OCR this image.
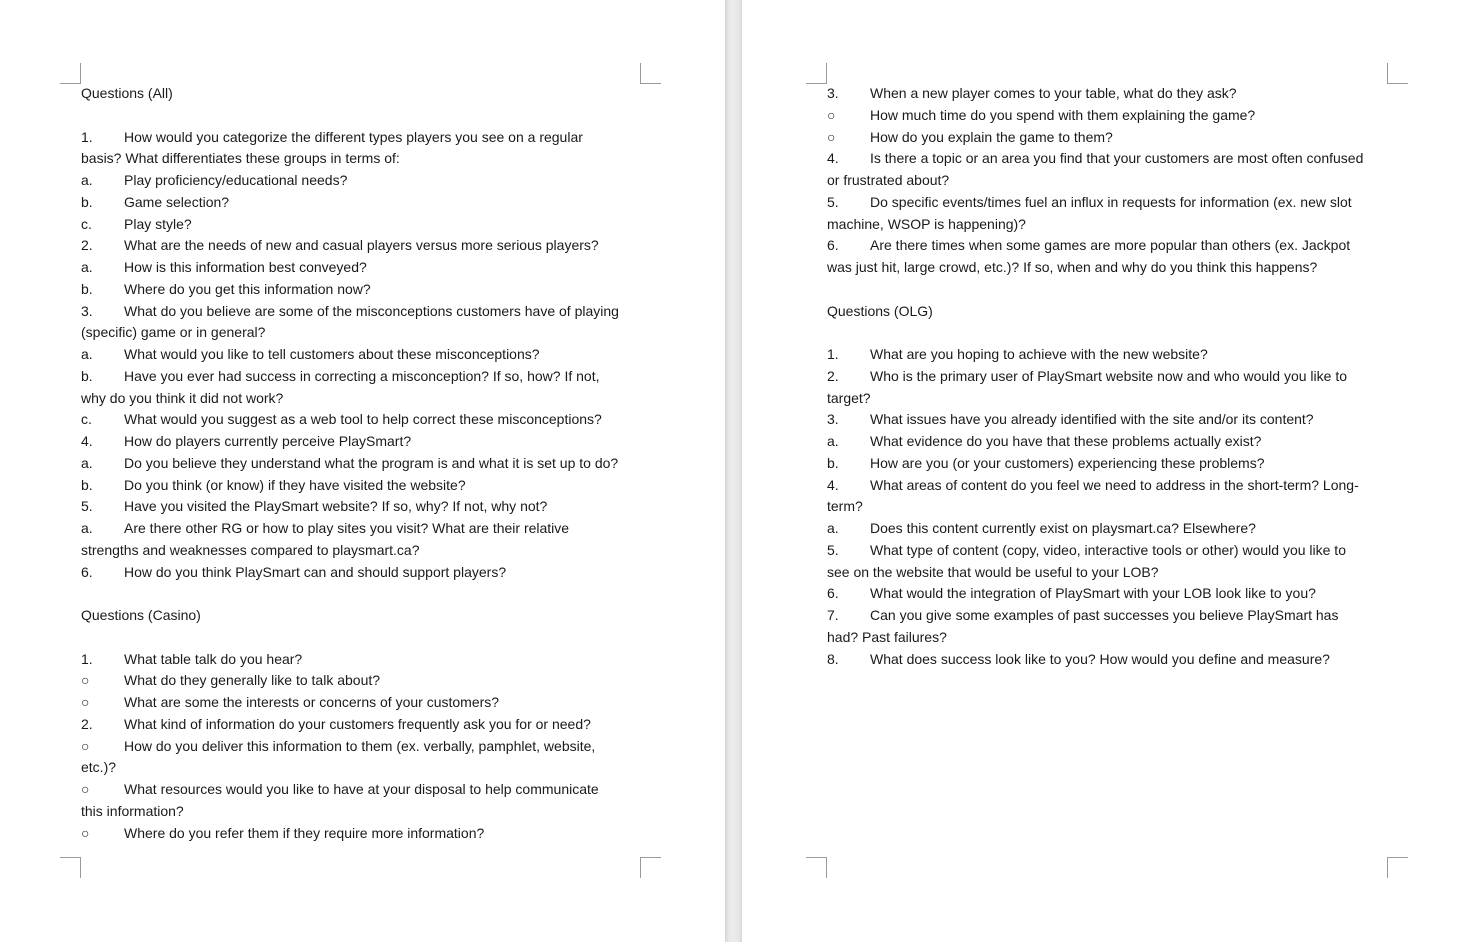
Questions (All)
1. How would you categorize the different types players you see on a regular
basis? What differentiates these groups in terms of:
a. Play proficiency/educational needs?
b. Game selection?
c. Play style?
2. What are the needs of new and casual players versus more serious players?
a. How is this information best conveyed?
b. Where do you get this information now?
3. What do you believe are some of the misconceptions customers have of playing
(specific) game or in general?
a. What would you like to tell customers about these misconceptions?
b. Have you ever had success in correcting a misconception? If so, how? If not,
why do you think it did not work?
c. What would you suggest as a web tool to help correct these misconceptions?
4. How do players currently perceive PlaySmart?
a. Do you believe they understand what the program is and what it is set up to do?
b. Do you think (or know) if they have visited the website?
5. Have you visited the PlaySmart website? If so, why? If not, why not?
a. Are there other RG or how to play sites you visit? What are their relative
strengths and weaknesses compared to playsmart.ca?
6. How do you think PlaySmart can and should support players?
Questions (Casino)
1. What table talk do you hear?
○ What do they generally like to talk about?
○ What are some the interests or concerns of your customers?
2. What kind of information do your customers frequently ask you for or need?
○ How do you deliver this information to them (ex. verbally, pamphlet, website,
etc.)?
○ What resources would you like to have at your disposal to help communicate
this information?
○ Where do you refer them if they require more information?
3. When a new player comes to your table, what do they ask?
○ How much time do you spend with them explaining the game?
○ How do you explain the game to them?
4. Is there a topic or an area you find that your customers are most often confused
or frustrated about?
5. Do specific events/times fuel an influx in requests for information (ex. new slot
machine, WSOP is happening)?
6. Are there times when some games are more popular than others (ex. Jackpot
was just hit, large crowd, etc.)? If so, when and why do you think this happens?
Questions (OLG)
1. What are you hoping to achieve with the new website?
2. Who is the primary user of PlaySmart website now and who would you like to
target?
3. What issues have you already identified with the site and/or its content?
a. What evidence do you have that these problems actually exist?
b. How are you (or your customers) experiencing these problems?
4. What areas of content do you feel we need to address in the short-term? Long-
term?
a. Does this content currently exist on playsmart.ca? Elsewhere?
5. What type of content (copy, video, interactive tools or other) would you like to
see on the website that would be useful to your LOB?
6. What would the integration of PlaySmart with your LOB look like to you?
7. Can you give some examples of past successes you believe PlaySmart has
had? Past failures?
8. What does success look like to you? How would you define and measure?
